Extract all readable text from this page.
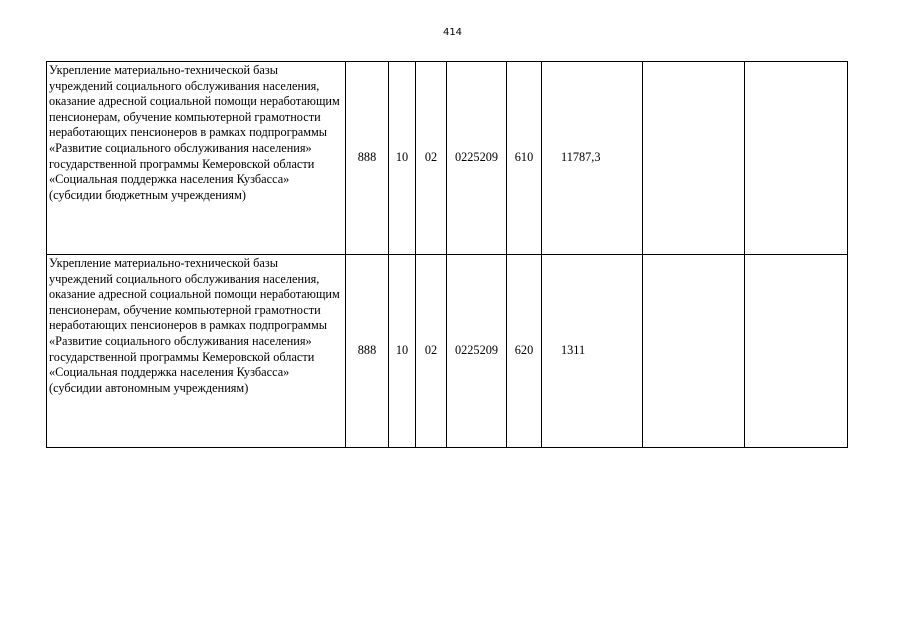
414
Укрепление материально-технической базы учреждений социального обслуживания населения, оказание адресной социальной помощи неработающим пенсионерам, обучение компьютерной грамотности неработающих пенсионеров в рамках подпрограммы «Развитие социального обслуживания населения» государственной программы Кемеровской области «Социальная поддержка населения Кузбасса» (субсидии бюджетным учреждениям)	888	10	02	0225209	610	11787,3		
Укрепление материально-технической базы учреждений социального обслуживания населения, оказание адресной социальной помощи неработающим пенсионерам, обучение компьютерной грамотности неработающих пенсионеров в рамках подпрограммы «Развитие социального обслуживания населения» государственной программы Кемеровской области «Социальная поддержка населения Кузбасса» (субсидии автономным учреждениям)	888	10	02	0225209	620	1311		
